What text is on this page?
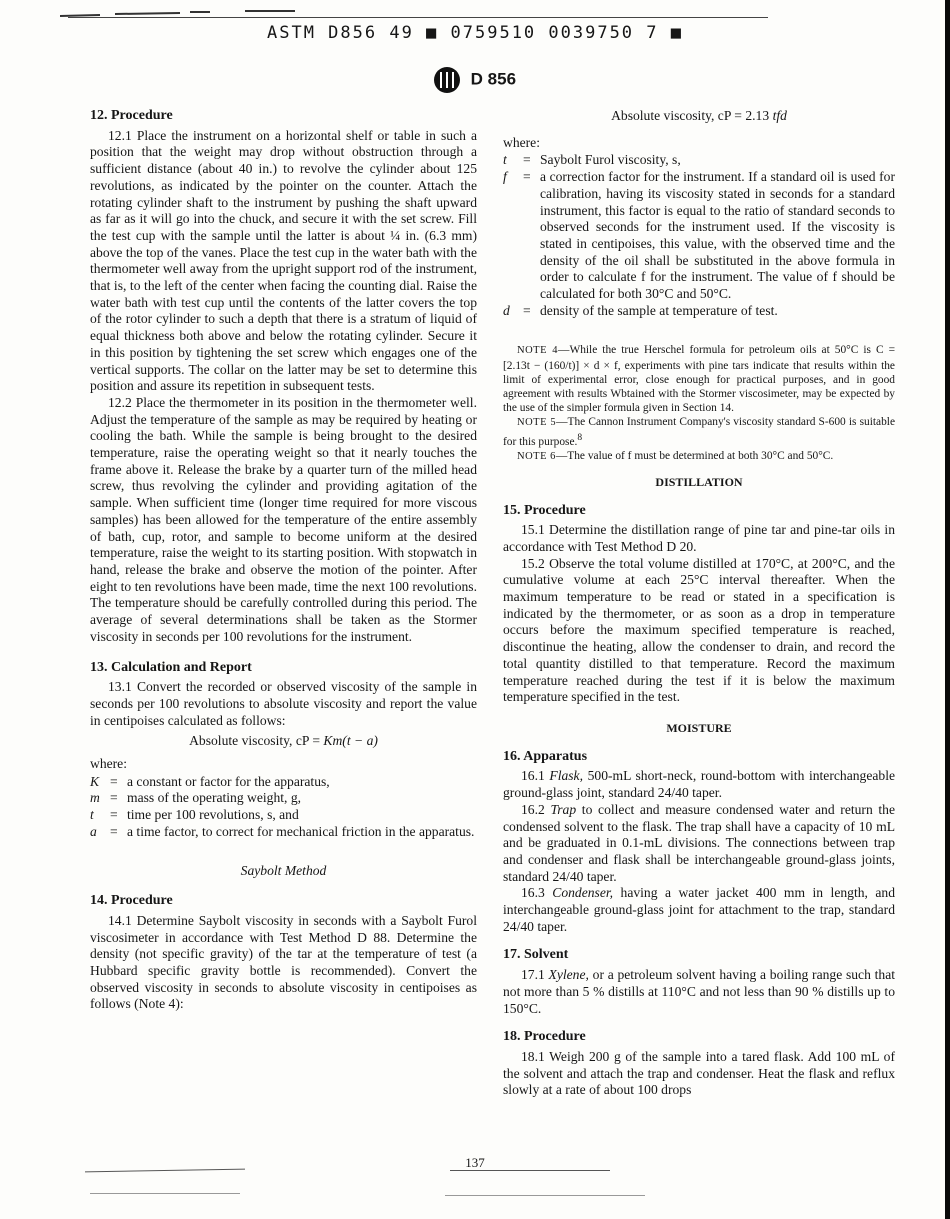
ASTM D856 49 ■ 0759510 0039750 7 ■
D 856
12. Procedure

12.1 Place the instrument on a horizontal shelf or table in such a position that the weight may drop without obstruction through a sufficient distance (about 40 in.) to revolve the cylinder about 125 revolutions, as indicated by the pointer on the counter. Attach the rotating cylinder shaft to the instrument by pushing the shaft upward as far as it will go into the chuck, and secure it with the set screw. Fill the test cup with the sample until the latter is about ¼ in. (6.3 mm) above the top of the vanes. Place the test cup in the water bath with the thermometer well away from the upright support rod of the instrument, that is, to the left of the center when facing the counting dial. Raise the water bath with test cup until the contents of the latter covers the top of the rotor cylinder to such a depth that there is a stratum of liquid of equal thickness both above and below the rotating cylinder. Secure it in this position by tightening the set screw which engages one of the vertical supports. The collar on the latter may be set to determine this position and assure its repetition in subsequent tests.

12.2 Place the thermometer in its position in the thermometer well. Adjust the temperature of the sample as may be required by heating or cooling the bath. While the sample is being brought to the desired temperature, raise the operating weight so that it nearly touches the frame above it. Release the brake by a quarter turn of the milled head screw, thus revolving the cylinder and providing agitation of the sample. When sufficient time (longer time required for more viscous samples) has been allowed for the temperature of the entire assembly of bath, cup, rotor, and sample to become uniform at the desired temperature, raise the weight to its starting position. With stopwatch in hand, release the brake and observe the motion of the pointer. After eight to ten revolutions have been made, time the next 100 revolutions. The temperature should be carefully controlled during this period. The average of several determinations shall be taken as the Stormer viscosity in seconds per 100 revolutions for the instrument.

13. Calculation and Report

13.1 Convert the recorded or observed viscosity of the sample in seconds per 100 revolutions to absolute viscosity and report the value in centipoises calculated as follows:

Absolute viscosity, cP = Km(t − a)
where:
K = a constant or factor for the apparatus,
m = mass of the operating weight, g,
t	= time per 100 revolutions, s, and
a = a time factor, to correct for mechanical friction in the apparatus.
Saybolt Method
14. Procedure

14.1 Determine Saybolt viscosity in seconds with a Saybolt Furol viscosimeter in accordance with Test Method D 88. Determine the density (not specific gravity) of the tar at the temperature of test (a Hubbard specific gravity bottle is recommended). Convert the observed viscosity in seconds to absolute viscosity in centipoises as follows (Note 4):

Absolute viscosity, cP = 2.13 tfd
where:
t	= Saybolt Furol viscosity, s,
f	= a correction factor for the instrument. If a standard oil is used for calibration, having its viscosity stated in seconds for a standard instrument, this factor is equal to the ratio of standard seconds to observed seconds for the instrument used. If the viscosity is stated in centipoises, this value, with the observed time and the density of the oil shall be substituted in the above formula in order to calculate f for the instrument. The value of f should be calculated for both 30°C and 50°C.
d = density of the sample at temperature of test.

NOTE 4—While the true Herschel formula for petroleum oils at 50°C is C = [2.13t − (160/t)] × d × f, experiments with pine tars indicate that results within the limit of experimental error, close enough for practical purposes, and in good agreement with results Wbtained with the Stormer viscosimeter, may be expected by the use of the simpler formula given in Section 14.

NOTE 5—The Cannon Instrument Company's viscosity standard S-600 is suitable for this purpose.$^8$

NOTE 6—The value of f must be determined at both 30°C and 50°C.

DISTILLATION

15. Procedure

15.1 Determine the distillation range of pine tar and pine-tar oils in accordance with Test Method D 20.

15.2 Observe the total volume distilled at 170°C, at 200°C, and the cumulative volume at each 25°C interval thereafter. When the maximum temperature to be read or stated in a specification is indicated by the thermometer, or as soon as a drop in temperature occurs before the maximum specified temperature is reached, discontinue the heating, allow the condenser to drain, and record the total quantity distilled to that temperature. Record the maximum temperature reached during the test if it is below the maximum temperature specified in the test.

MOISTURE

16. Apparatus

16.1 Flask, 500-mL short-neck, round-bottom with interchangeable ground-glass joint, standard 24/40 taper.

16.2 Trap to collect and measure condensed water and return the condensed solvent to the flask. The trap shall have a capacity of 10 mL and be graduated in 0.1-mL divisions. The connections between trap and condenser and flask shall be interchangeable ground-glass joints, standard 24/40 taper.

16.3 Condenser, having a water jacket 400 mm in length, and interchangeable ground-glass joint for attachment to the trap, standard 24/40 taper.

17. Solvent

17.1 Xylene, or a petroleum solvent having a boiling range such that not more than 5 % distills at 110°C and not less than 90 % distills up to 150°C.

18. Procedure

18.1 Weigh 200 g of the sample into a tared flask. Add 100 mL of the solvent and attach the trap and condenser. Heat the flask and reflux slowly at a rate of about 100 drops

137
